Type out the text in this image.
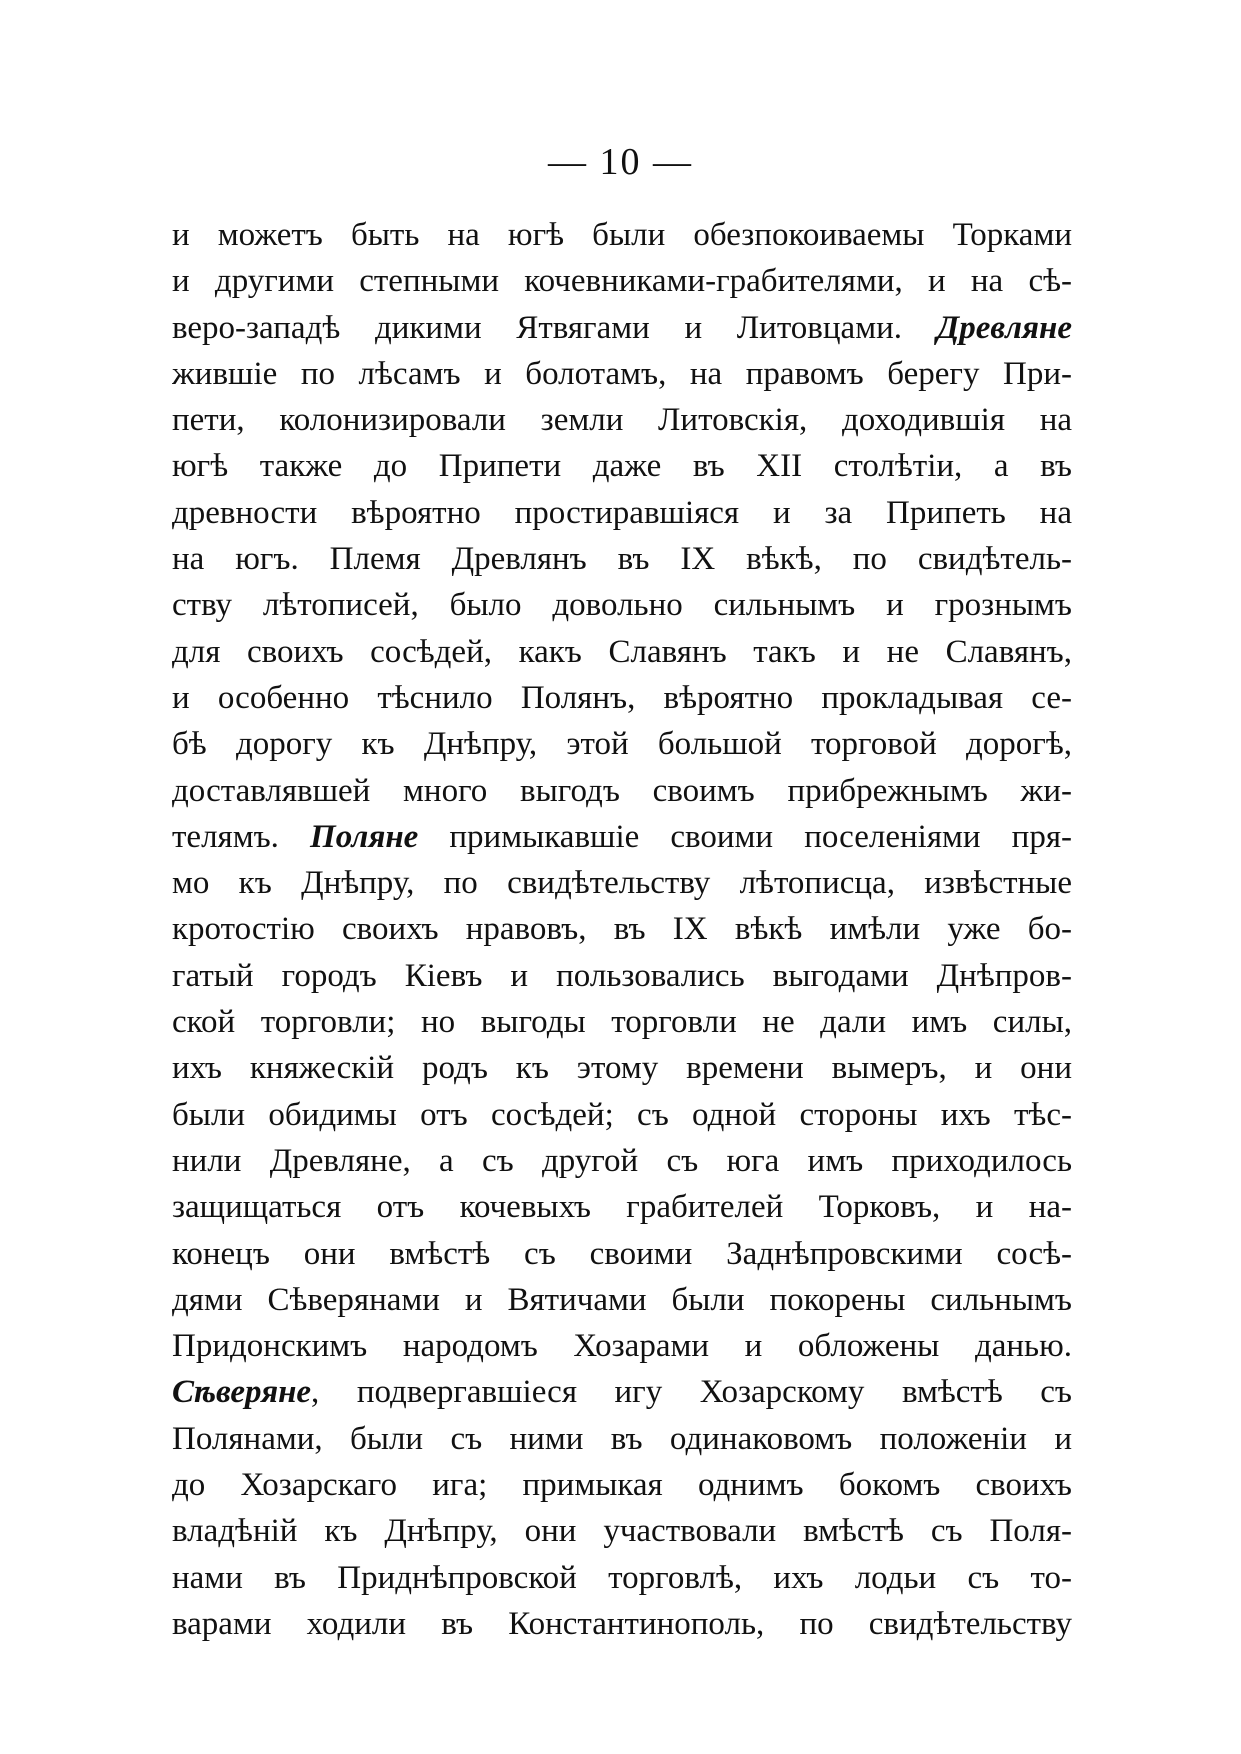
— 10 —
и можетъ быть на югѣ были обезпокоиваемы Торками
и другими степными кочевниками-грабителями, и на сѣ-
веро-западѣ дикими Ятвягами и Литовцами. Древляне
жившіе по лѣсамъ и болотамъ, на правомъ берегу При-
пети, колонизировали земли Литовскія, доходившія на
югѣ также до Припети даже въ XII столѣтіи, а въ
древности вѣроятно простиравшіяся и за Припеть на
на югъ. Племя Древлянъ въ IX вѣкѣ, по свидѣтель-
ству лѣтописей, было довольно сильнымъ и грознымъ
для своихъ сосѣдей, какъ Славянъ такъ и не Славянъ,
и особенно тѣснило Полянъ, вѣроятно прокладывая се-
бѣ дорогу къ Днѣпру, этой большой торговой дорогѣ,
доставлявшей много выгодъ своимъ прибрежнымъ жи-
телямъ. Поляне примыкавшіе своими поселеніями пря-
мо къ Днѣпру, по свидѣтельству лѣтописца, извѣстные
кротостію своихъ нравовъ, въ IX вѣкѣ имѣли уже бо-
гатый городъ Кіевъ и пользовались выгодами Днѣпров-
ской торговли; но выгоды торговли не дали имъ силы,
ихъ княжескій родъ къ этому времени вымеръ, и они
были обидимы отъ сосѣдей; съ одной стороны ихъ тѣс-
нили Древляне, а съ другой съ юга имъ приходилось
защищаться отъ кочевыхъ грабителей Торковъ, и на-
конецъ они вмѣстѣ съ своими Заднѣпровскими сосѣ-
дями Сѣверянами и Вятичами были покорены сильнымъ
Придонскимъ народомъ Хозарами и обложены данью.
Сѣверяне, подвергавшіеся игу Хозарскому вмѣстѣ съ
Полянами, были съ ними въ одинаковомъ положеніи и
до Хозарскаго ига; примыкая однимъ бокомъ своихъ
владѣній къ Днѣпру, они участвовали вмѣстѣ съ Поля-
нами въ Приднѣпровской торговлѣ, ихъ лодьи съ то-
варами ходили въ Константинополь, по свидѣтельству
